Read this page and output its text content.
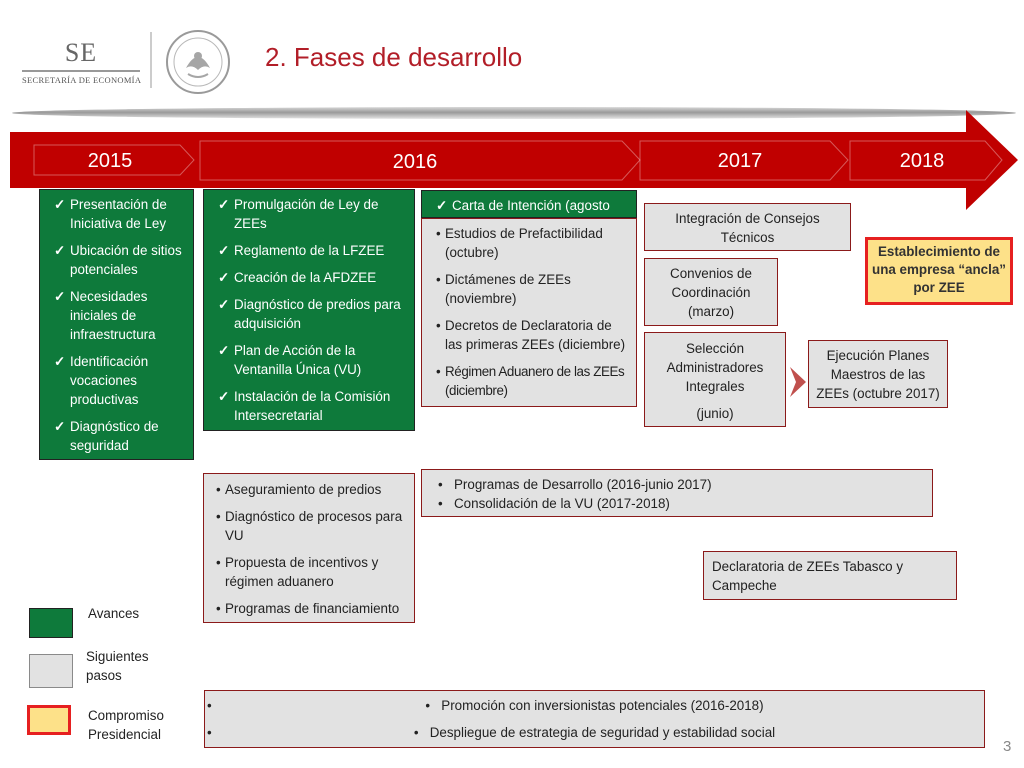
SE
SECRETARÍA DE ECONOMÍA
2. Fases de desarrollo
2015	2016	2017	2018
✓ Presentación de Iniciativa de Ley
✓ Ubicación de sitios potenciales
✓ Necesidades iniciales de infraestructura
✓ Identificación vocaciones productivas
✓ Diagnóstico de seguridad
✓ Promulgación de Ley de ZEEs
✓ Reglamento de la LFZEE
✓ Creación de la AFDZEE
✓ Diagnóstico de predios para adquisición
✓ Plan de Acción de la Ventanilla Única (VU)
✓ Instalación de la Comisión Intersecretarial
✓ Carta de Intención (agosto
• Estudios de Prefactibilidad (octubre)
• Dictámenes de ZEEs (noviembre)
• Decretos de Declaratoria de las primeras ZEEs (diciembre)
• Régimen Aduanero de las ZEEs (diciembre)
Integración de Consejos Técnicos
Convenios de Coordinación (marzo)
Selección Administradores Integrales
(junio)
Establecimiento de una empresa “ancla” por ZEE
Ejecución Planes Maestros de las ZEEs (octubre 2017)
• Aseguramiento de predios
• Diagnóstico de procesos para VU
• Propuesta de incentivos y régimen aduanero
• Programas de financiamiento
• Programas de Desarrollo (2016-junio 2017)
• Consolidación de la VU (2017-2018)
Declaratoria de ZEEs Tabasco y Campeche
• •   Promoción con inversionistas potenciales (2016-2018)
• •   Despliegue de estrategia de seguridad y estabilidad social
Avances
Siguientes pasos
Compromiso Presidencial
3
